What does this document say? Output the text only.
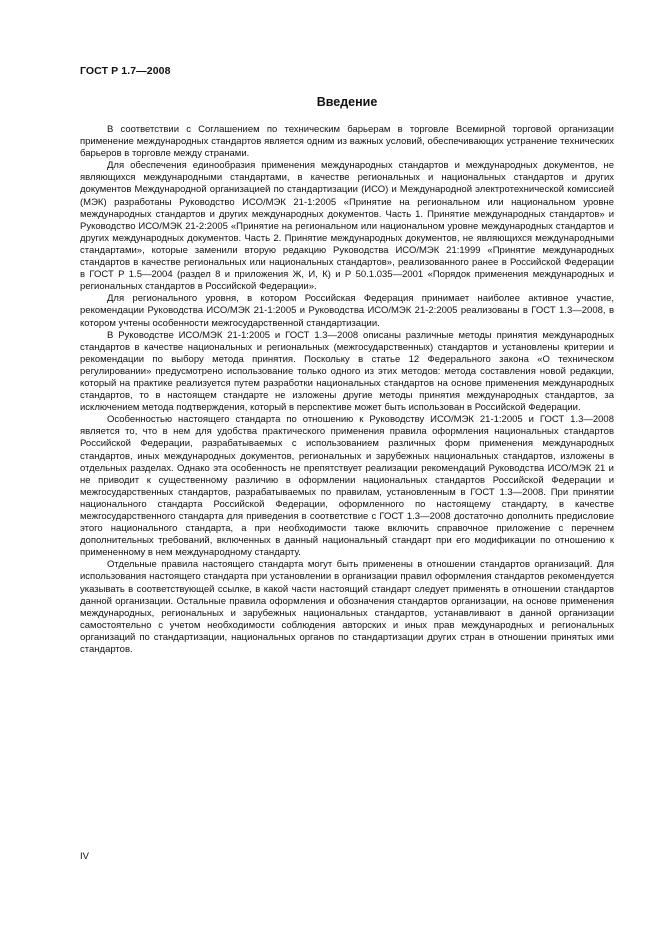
ГОСТ Р 1.7—2008
Введение

В соответствии с Соглашением по техническим барьерам в торговле Всемирной торговой организации применение международных стандартов является одним из важных условий, обеспечивающих устранение технических барьеров в торговле между странами.

Для обеспечения единообразия применения международных стандартов и международных документов, не являющихся международными стандартами, в качестве региональных и национальных стандартов и других документов Международной организацией по стандартизации (ИСО) и Международной электротехнической комиссией (МЭК) разработаны Руководство ИСО/МЭК 21-1:2005 «Принятие на региональном или национальном уровне международных стандартов и других международных документов. Часть 1. Принятие международных стандартов» и Руководство ИСО/МЭК 21-2:2005 «Принятие на региональном или национальном уровне международных стандартов и других международных документов. Часть 2. Принятие международных документов, не являющихся международными стандартами», которые заменили вторую редакцию Руководства ИСО/МЭК 21:1999 «Принятие международных стандартов в качестве региональных или национальных стандартов», реализованного ранее в Российской Федерации в ГОСТ Р 1.5—2004 (раздел 8 и приложения Ж, И, К) и Р 50.1.035—2001 «Порядок применения международных и региональных стандартов в Российской Федерации».

Для регионального уровня, в котором Российская Федерация принимает наиболее активное участие, рекомендации Руководства ИСО/МЭК 21-1:2005 и Руководства ИСО/МЭК 21-2:2005 реализованы в ГОСТ 1.3—2008, в котором учтены особенности межгосударственной стандартизации.

В Руководстве ИСО/МЭК 21-1:2005 и ГОСТ 1.3—2008 описаны различные методы принятия международных стандартов в качестве национальных и региональных (межгосударственных) стандартов и установлены критерии и рекомендации по выбору метода принятия. Поскольку в статье 12 Федерального закона «О техническом регулировании» предусмотрено использование только одного из этих методов: метода составления новой редакции, который на практике реализуется путем разработки национальных стандартов на основе применения международных стандартов, то в настоящем стандарте не изложены другие методы принятия международных стандартов, за исключением метода подтверждения, который в перспективе может быть использован в Российской Федерации.

Особенностью настоящего стандарта по отношению к Руководству ИСО/МЭК 21-1:2005 и ГОСТ 1.3—2008 является то, что в нем для удобства практического применения правила оформления национальных стандартов Российской Федерации, разрабатываемых с использованием различных форм применения международных стандартов, иных международных документов, региональных и зарубежных национальных стандартов, изложены в отдельных разделах. Однако эта особенность не препятствует реализации рекомендаций Руководства ИСО/МЭК 21 и не приводит к существенному различию в оформлении национальных стандартов Российской Федерации и межгосударственных стандартов, разрабатываемых по правилам, установленным в ГОСТ 1.3—2008. При принятии национального стандарта Российской Федерации, оформленного по настоящему стандарту, в качестве межгосударственного стандарта для приведения в соответствие с ГОСТ 1.3—2008 достаточно дополнить предисловие этого национального стандарта, а при необходимости также включить справочное приложение с перечнем дополнительных требований, включенных в данный национальный стандарт при его модификации по отношению к примененному в нем международному стандарту.

Отдельные правила настоящего стандарта могут быть применены в отношении стандартов организаций. Для использования настоящего стандарта при установлении в организации правил оформления стандартов рекомендуется указывать в соответствующей ссылке, в какой части настоящий стандарт следует применять в отношении стандартов данной организации. Остальные правила оформления и обозначения стандартов организации, на основе применения международных, региональных и зарубежных национальных стандартов, устанавливают в данной организации самостоятельно с учетом необходимости соблюдения авторских и иных прав международных и региональных организаций по стандартизации, национальных органов по стандартизации других стран в отношении принятых ими стандартов.

IV
